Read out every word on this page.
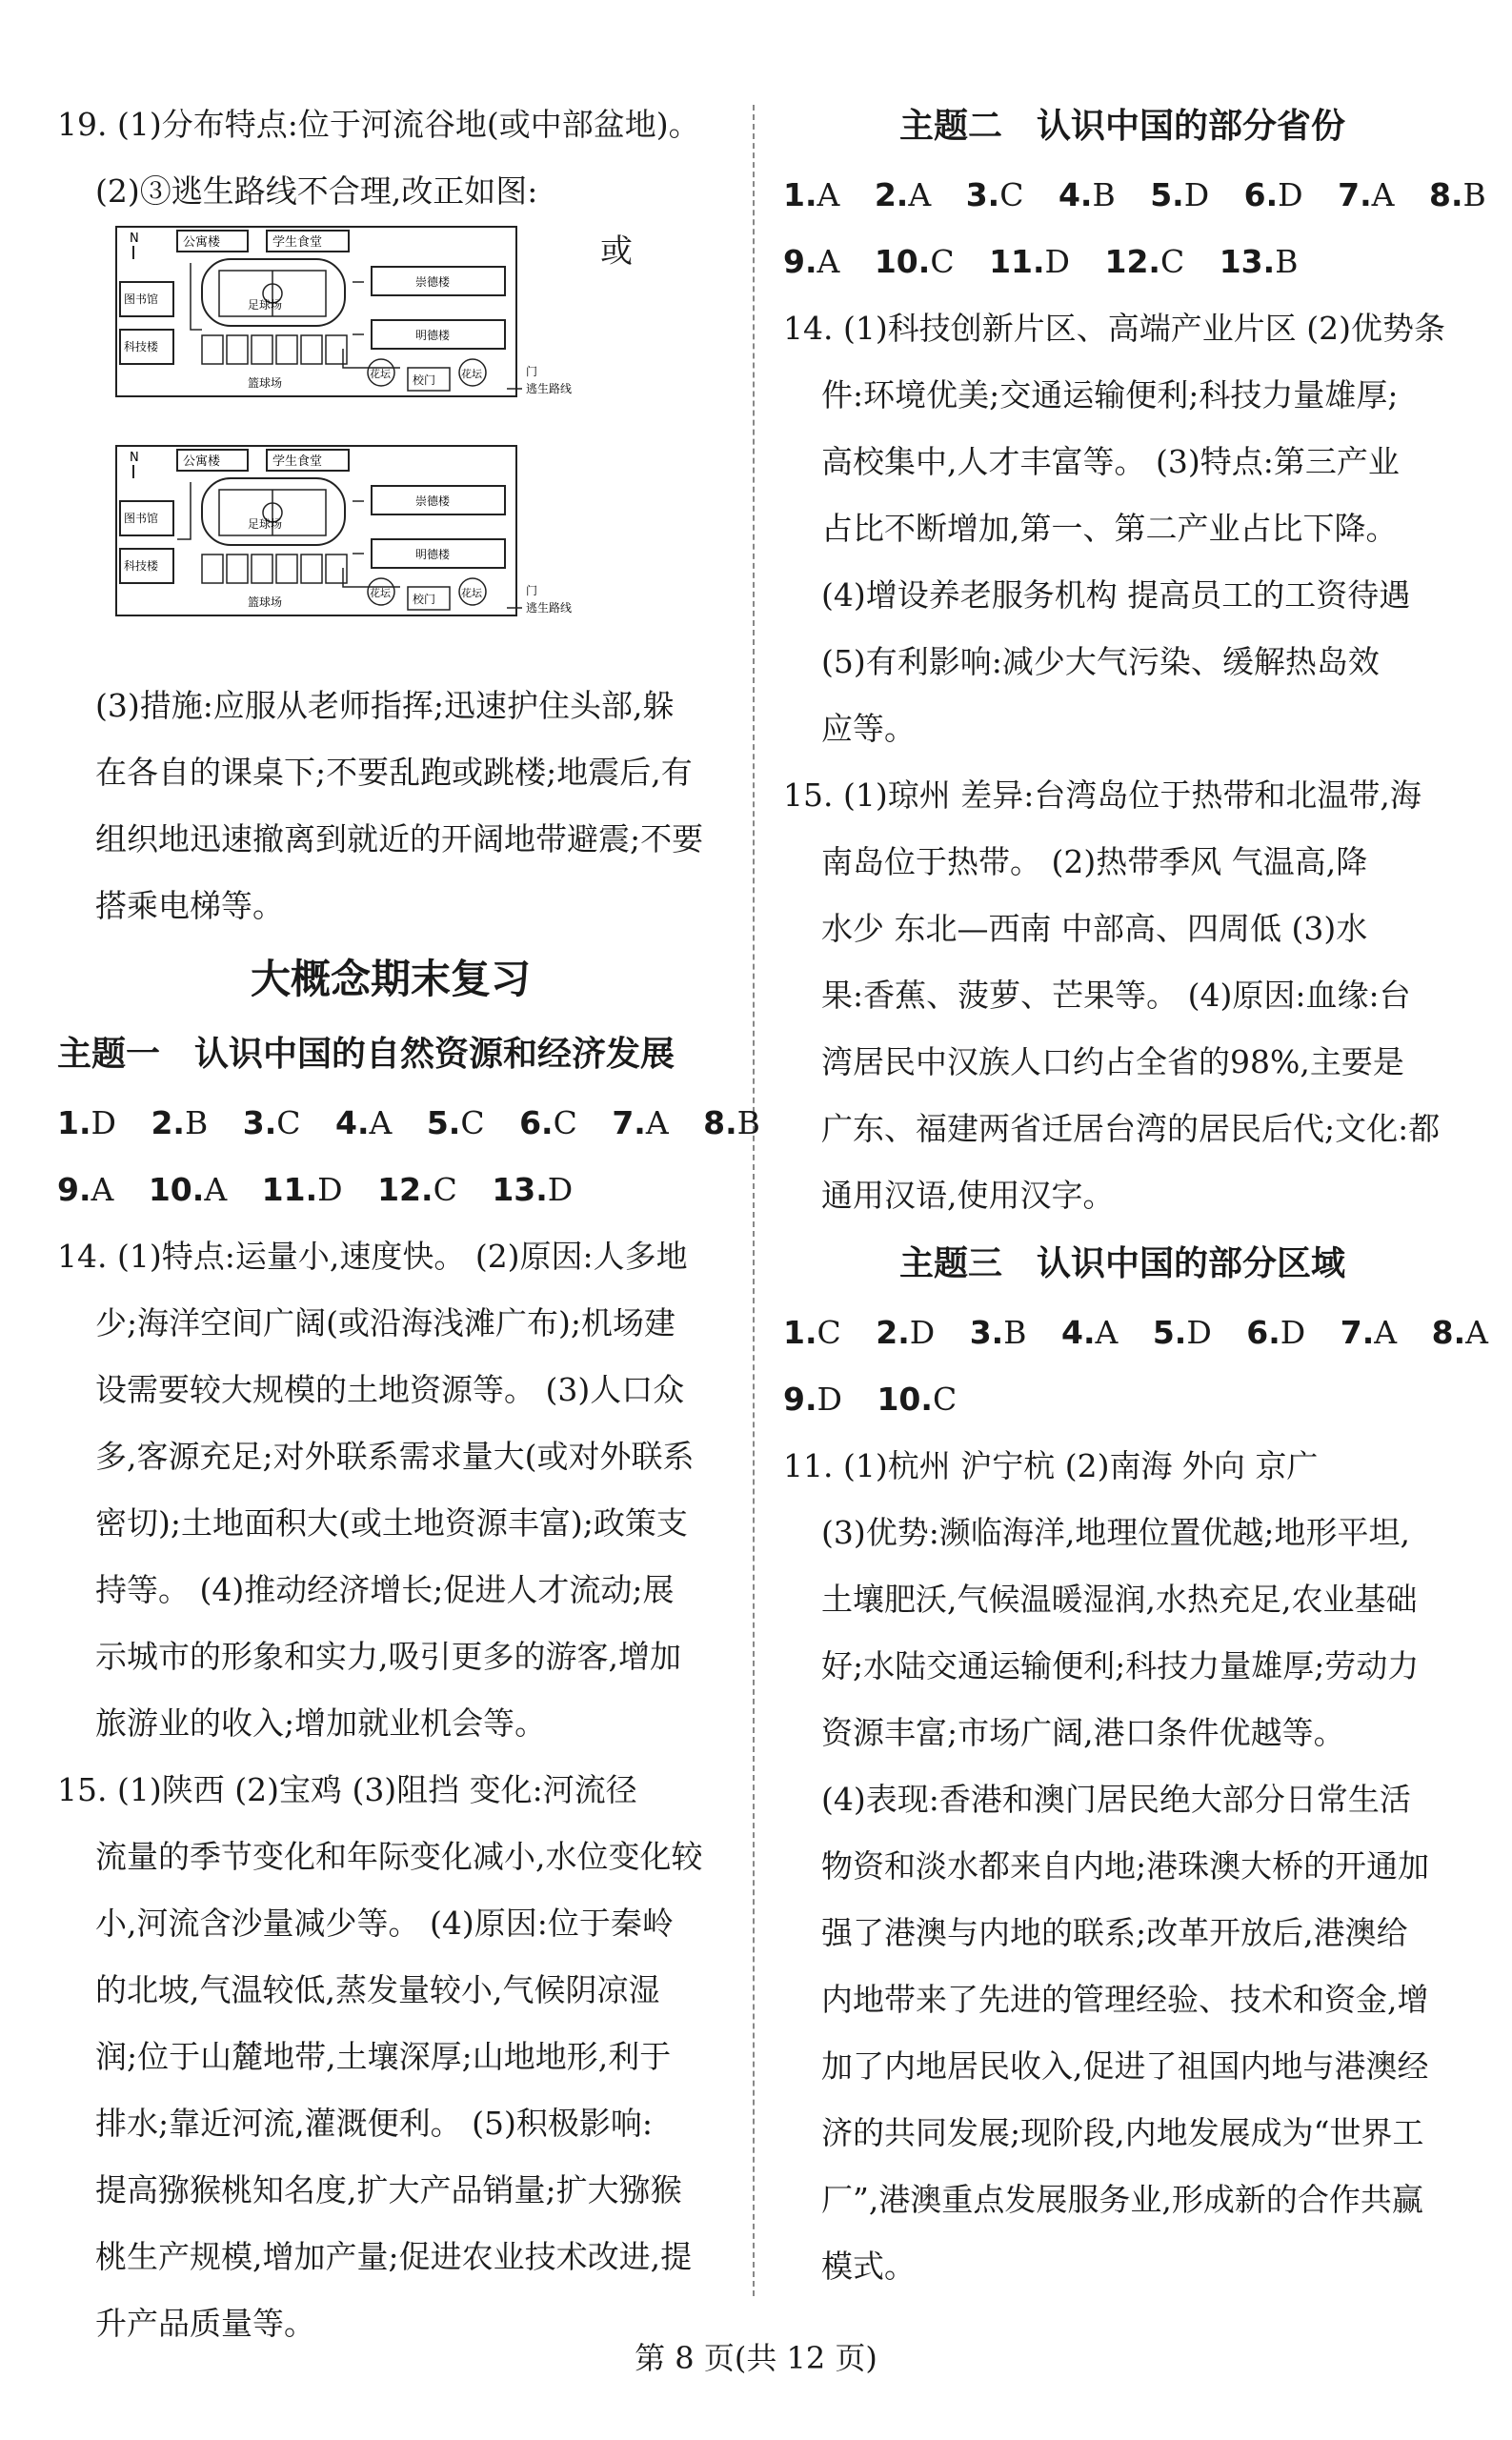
19. (1)分布特点:位于河流谷地(或中部盆地)。
(2)③逃生路线不合理,改正如图:
或
N	公寓楼	学生食堂
图书馆
科技楼
足球场
篮球场
崇德楼
明德楼
花坛 校门 花坛	门
逃生路线
N	公寓楼	学生食堂
图书馆
科技楼
足球场
篮球场
崇德楼
明德楼
花坛 校门 花坛	门
逃生路线
(3)措施:应服从老师指挥;迅速护住头部,躲
在各自的课桌下;不要乱跑或跳楼;地震后,有
组织地迅速撤离到就近的开阔地带避震;不要
搭乘电梯等。
大概念期末复习
主题一　认识中国的自然资源和经济发展
1.D 2.B 3.C 4.A 5.C 6.C 7.A 8.B
9.A 10.A 11.D 12.C 13.D
14. (1)特点:运量小,速度快。 (2)原因:人多地
少;海洋空间广阔(或沿海浅滩广布);机场建
设需要较大规模的土地资源等。 (3)人口众
多,客源充足;对外联系需求量大(或对外联系
密切);土地面积大(或土地资源丰富);政策支
持等。 (4)推动经济增长;促进人才流动;展
示城市的形象和实力,吸引更多的游客,增加
旅游业的收入;增加就业机会等。
15. (1)陕西 (2)宝鸡 (3)阻挡 变化:河流径
流量的季节变化和年际变化减小,水位变化较
小,河流含沙量减少等。 (4)原因:位于秦岭
的北坡,气温较低,蒸发量较小,气候阴凉湿
润;位于山麓地带,土壤深厚;山地地形,利于
排水;靠近河流,灌溉便利。 (5)积极影响:
提高猕猴桃知名度,扩大产品销量;扩大猕猴
桃生产规模,增加产量;促进农业技术改进,提
升产品质量等。
主题二　认识中国的部分省份
1.A 2.A 3.C 4.B 5.D 6.D 7.A 8.B
9.A 10.C 11.D 12.C 13.B
14. (1)科技创新片区、高端产业片区 (2)优势条
件:环境优美;交通运输便利;科技力量雄厚;
高校集中,人才丰富等。 (3)特点:第三产业
占比不断增加,第一、第二产业占比下降。
(4)增设养老服务机构 提高员工的工资待遇
(5)有利影响:减少大气污染、缓解热岛效
应等。
15. (1)琼州 差异:台湾岛位于热带和北温带,海
南岛位于热带。 (2)热带季风 气温高,降
水少 东北—西南 中部高、四周低 (3)水
果:香蕉、菠萝、芒果等。 (4)原因:血缘:台
湾居民中汉族人口约占全省的98%,主要是
广东、福建两省迁居台湾的居民后代;文化:都
通用汉语,使用汉字。
主题三　认识中国的部分区域
1.C 2.D 3.B 4.A 5.D 6.D 7.A 8.A
9.D 10.C
11. (1)杭州 沪宁杭 (2)南海 外向 京广
(3)优势:濒临海洋,地理位置优越;地形平坦,
土壤肥沃,气候温暖湿润,水热充足,农业基础
好;水陆交通运输便利;科技力量雄厚;劳动力
资源丰富;市场广阔,港口条件优越等。
(4)表现:香港和澳门居民绝大部分日常生活
物资和淡水都来自内地;港珠澳大桥的开通加
强了港澳与内地的联系;改革开放后,港澳给
内地带来了先进的管理经验、技术和资金,增
加了内地居民收入,促进了祖国内地与港澳经
济的共同发展;现阶段,内地发展成为“世界工
厂”,港澳重点发展服务业,形成新的合作共赢
模式。
第 8 页(共 12 页)
